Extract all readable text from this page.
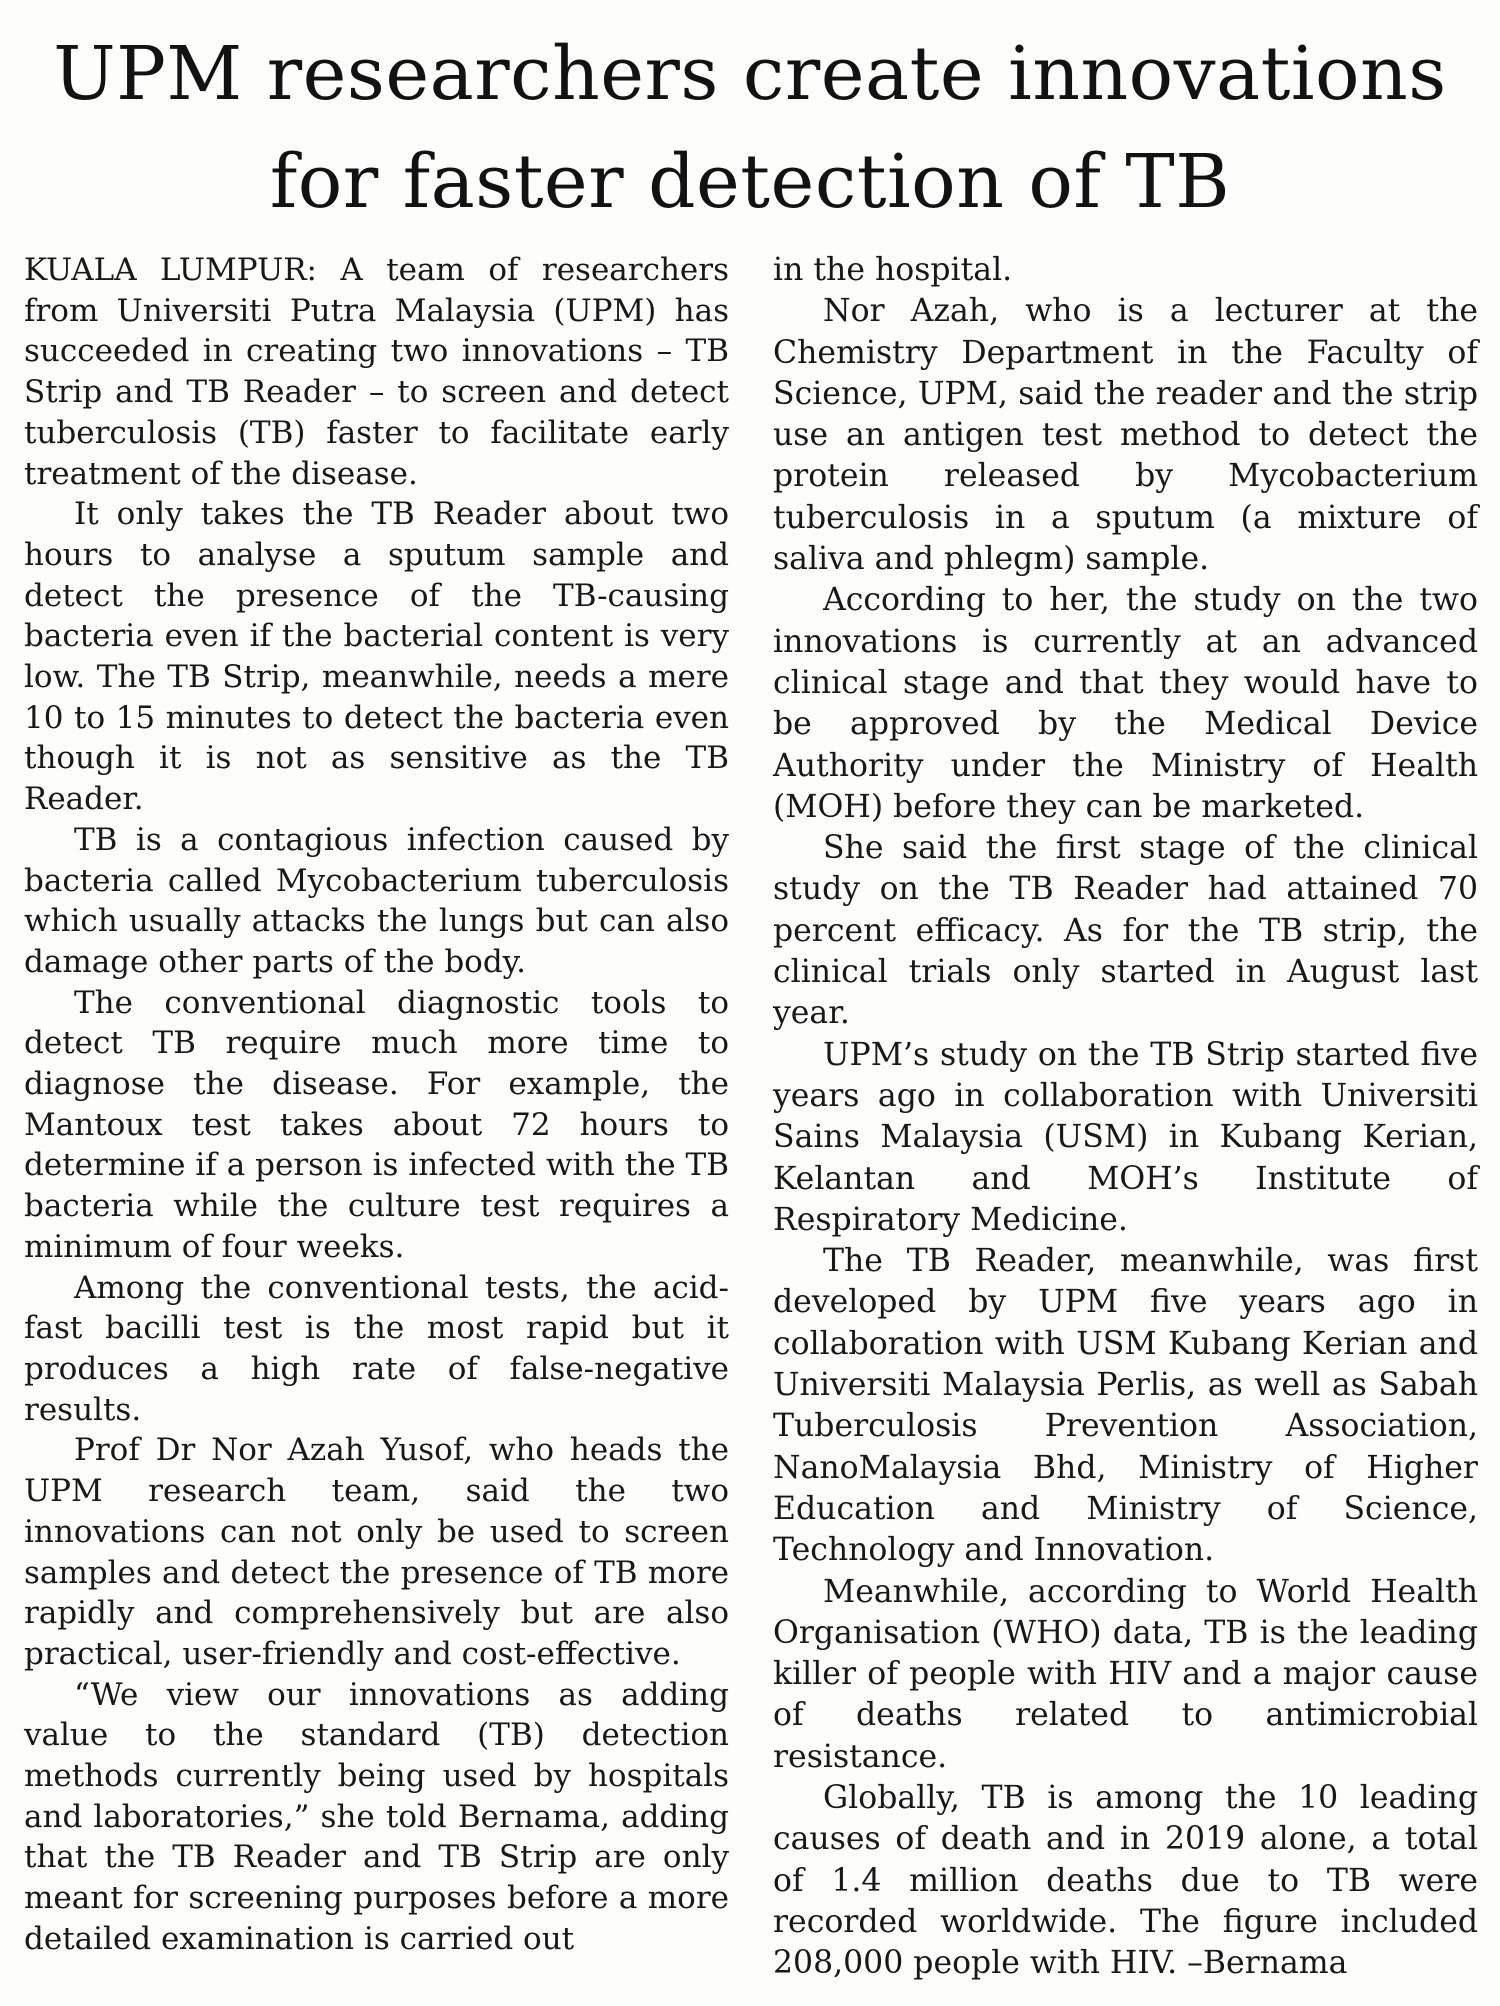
UPM researchers create innovations
for faster detection of TB

KUALA LUMPUR: A team of researchers from Universiti Putra Malaysia (UPM) has succeeded in creating two innovations – TB Strip and TB Reader – to screen and detect tuberculosis (TB) faster to facilitate early treatment of the disease.

It only takes the TB Reader about two hours to analyse a sputum sample and detect the presence of the TB-causing bacteria even if the bacterial content is very low. The TB Strip, meanwhile, needs a mere 10 to 15 minutes to detect the bacteria even though it is not as sensitive as the TB Reader.

TB is a contagious infection caused by bacteria called Mycobacterium tuberculosis which usually attacks the lungs but can also damage other parts of the body.

The conventional diagnostic tools to detect TB require much more time to diagnose the disease. For example, the Mantoux test takes about 72 hours to determine if a person is infected with the TB bacteria while the culture test requires a minimum of four weeks.

Among the conventional tests, the acid-fast bacilli test is the most rapid but it produces a high rate of false-negative results.

Prof Dr Nor Azah Yusof, who heads the UPM research team, said the two innovations can not only be used to screen samples and detect the presence of TB more rapidly and comprehensively but are also practical, user-friendly and cost-effective.

“We view our innovations as adding value to the standard (TB) detection methods currently being used by hospitals and laboratories,” she told Bernama, adding that the TB Reader and TB Strip are only meant for screening purposes before a more detailed examination is carried out

in the hospital.

Nor Azah, who is a lecturer at the Chemistry Department in the Faculty of Science, UPM, said the reader and the strip use an antigen test method to detect the protein released by Mycobacterium tuberculosis in a sputum (a mixture of saliva and phlegm) sample.

According to her, the study on the two innovations is currently at an advanced clinical stage and that they would have to be approved by the Medical Device Authority under the Ministry of Health (MOH) before they can be marketed.

She said the first stage of the clinical study on the TB Reader had attained 70 percent efficacy. As for the TB strip, the clinical trials only started in August last year.

UPM’s study on the TB Strip started five years ago in collaboration with Universiti Sains Malaysia (USM) in Kubang Kerian, Kelantan and MOH’s Institute of Respiratory Medicine.

The TB Reader, meanwhile, was first developed by UPM five years ago in collaboration with USM Kubang Kerian and Universiti Malaysia Perlis, as well as Sabah Tuberculosis Prevention Association, NanoMalaysia Bhd, Ministry of Higher Education and Ministry of Science, Technology and Innovation.

Meanwhile, according to World Health Organisation (WHO) data, TB is the leading killer of people with HIV and a major cause of deaths related to antimicrobial resistance.

Globally, TB is among the 10 leading causes of death and in 2019 alone, a total of 1.4 million deaths due to TB were recorded worldwide. The figure included 208,000 people with HIV. –Bernama
